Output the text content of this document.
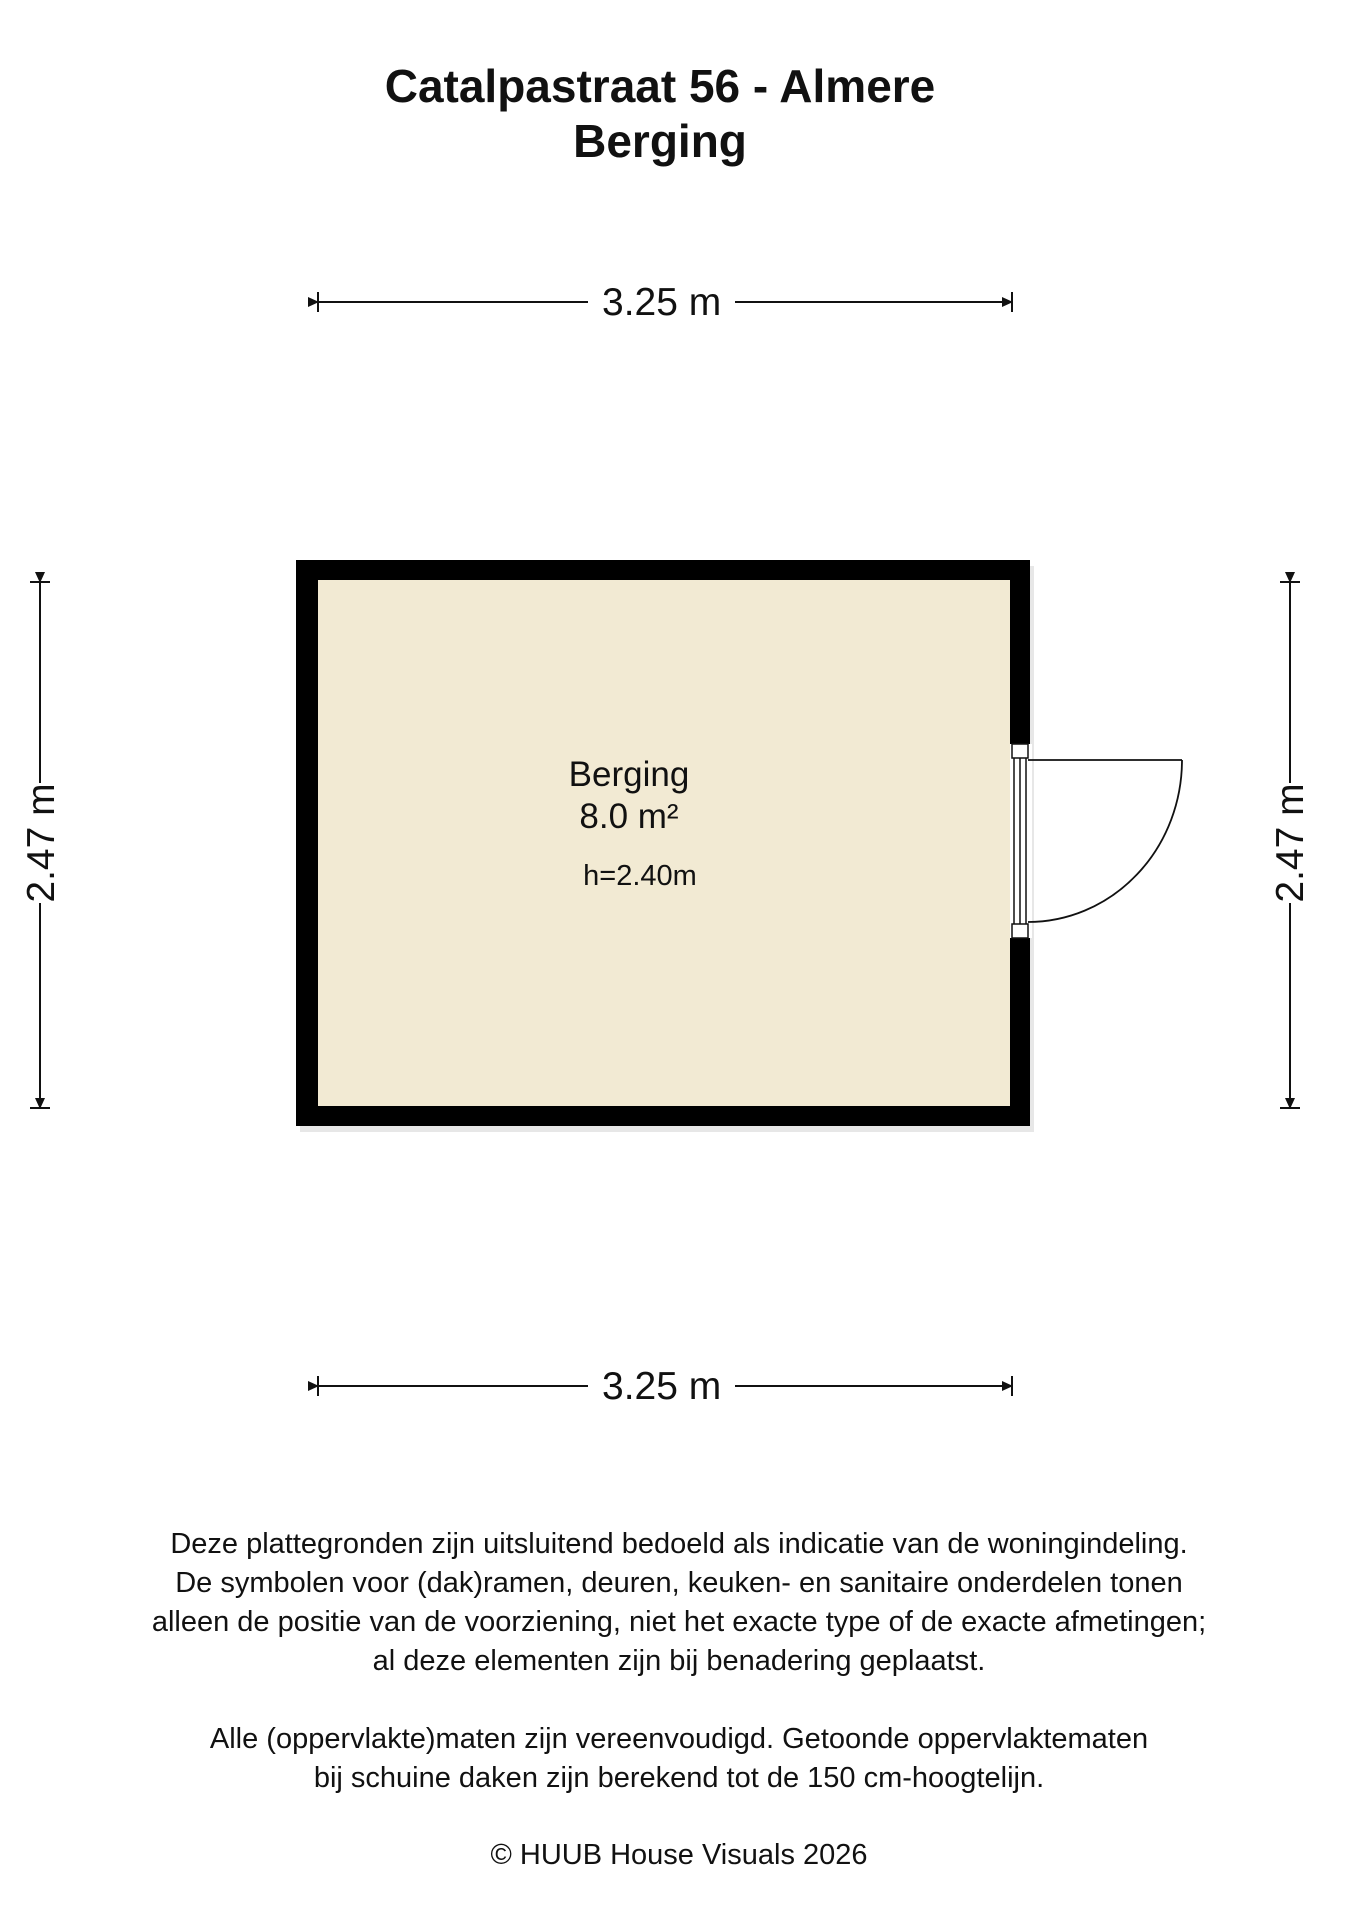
Catalpastraat 56 - Almere
Berging
3.25 m
3.25 m
2.47 m	2.47 m
Berging
8.0 m²
h=2.40m
Deze plattegronden zijn uitsluitend bedoeld als indicatie van de woningindeling.
De symbolen voor (dak)ramen, deuren, keuken- en sanitaire onderdelen tonen
alleen de positie van de voorziening, niet het exacte type of de exacte afmetingen;
al deze elementen zijn bij benadering geplaatst.
Alle (oppervlakte)maten zijn vereenvoudigd. Getoonde oppervlaktematen
bij schuine daken zijn berekend tot de 150 cm-hoogtelijn.
© HUUB House Visuals 2026
